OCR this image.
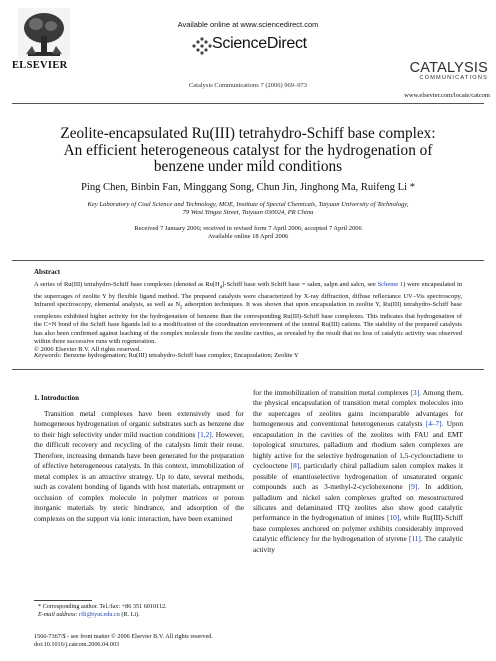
ELSEVIER
Available online at www.sciencedirect.com
ScienceDirect
Catalysis Communications 7 (2006) 969–973
CATALYSIS
COMMUNICATIONS
www.elsevier.com/locate/catcom
Zeolite-encapsulated Ru(III) tetrahydro-Schiff base complex:
An efficient heterogeneous catalyst for the hydrogenation of
benzene under mild conditions
Ping Chen, Binbin Fan, Minggang Song, Chun Jin, Jinghong Ma, Ruifeng Li *
Key Laboratory of Coal Science and Technology, MOE, Institute of Special Chemicals, Taiyuan University of Technology,
79 West Yingze Street, Taiyuan 030024, PR China
Received 7 January 2006; received in revised form 7 April 2006; accepted 7 April 2006
Available online 18 April 2006
Abstract
A series of Ru(III) tetrahydro-Schiff base complexes (denoted as $Ru[H_4]$-Schiff base with Schiff base = salen, salpn and salcn, see Scheme 1) were encapsulated in the supercages of zeolite Y by flexible ligand method. The prepared catalysts were characterized by X-ray diffraction, diffuse reflectance UV–Vis spectroscopy, Infrared spectroscopy, elemental analysis, as well as $N_2$ adsorption techniques. It was shown that upon encapsulation in zeolite Y, Ru(III) tetrahydro-Schiff base complexes exhibited higher activity for the hydrogenation of benzene than the corresponding Ru(III)-Schiff base complexes. This indicates that hydrogenation of the C=N bond of the Schiff base ligands led to a modification of the coordination environment of the central Ru(III) cations. The stability of the prepared catalysts has also been confirmed against leaching of the complex molecule from the zeolite cavities, as revealed by the result that no loss of catalytic activity was observed within three successive runs with regeneration.
© 2006 Elsevier B.V. All rights reserved.
Keywords: Benzene hydrogenation; Ru(III) tetrahydro-Schiff base complex; Encapsulation; Zeolite Y
1. Introduction
Transition metal complexes have been extensively used for homogeneous hydrogenation of organic substrates such as benzene due to their high selectivity under mild reaction conditions [1,2]. However, the difficult recovery and recycling of the catalysts limit their reuse. Therefore, increasing demands have been generated for the preparation of effective heterogeneous catalysts. In this context, immobilization of metal complex is an attractive strategy. Up to date, several methods, such as covalent bonding of ligands with host materials, entrapment or occlusion of complex molecule in polymer matrices or porous inorganic materials by steric hindrance, and adsorption of the complexes on the support via ionic interaction, have been examined
for the immobilization of transition metal complexes [3]. Among them, the physical encapsulation of transition metal complex molecules into the supercages of zeolites gains incomparable advantages for homogeneous and conventional heterogeneous catalysts [4–7]. Upon encapsulation in the cavities of the zeolites with FAU and EMT topological structures, palladium and rhodium salen complexes are highly active for the selective hydrogenation of 1,5-cyclooctadiene to cyclooctene [8], particularly chiral palladium salen complex makes it possible of enantioselective hydrogenation of unsaturated organic compounds such as 3-methyl-2-cyclohexenone [9]. In addition, palladium and nickel salen complexes grafted on mesostructured silicates and delaminated ITQ zeolites also show good catalytic performance in the hydrogenation of imines [10], while Ru(III)-Schiff base complexes anchored on polymer exhibits considerably improved catalytic efficiency for the hydrogenation of styrene [11]. The catalytic activity
* Corresponding author. Tel./fax: +86 351 6010112.
E-mail address: rfli@tyut.edu.cn (R. Li).
1566-7367/$ - see front matter © 2006 Elsevier B.V. All rights reserved.
doi:10.1016/j.catcom.2006.04.003
